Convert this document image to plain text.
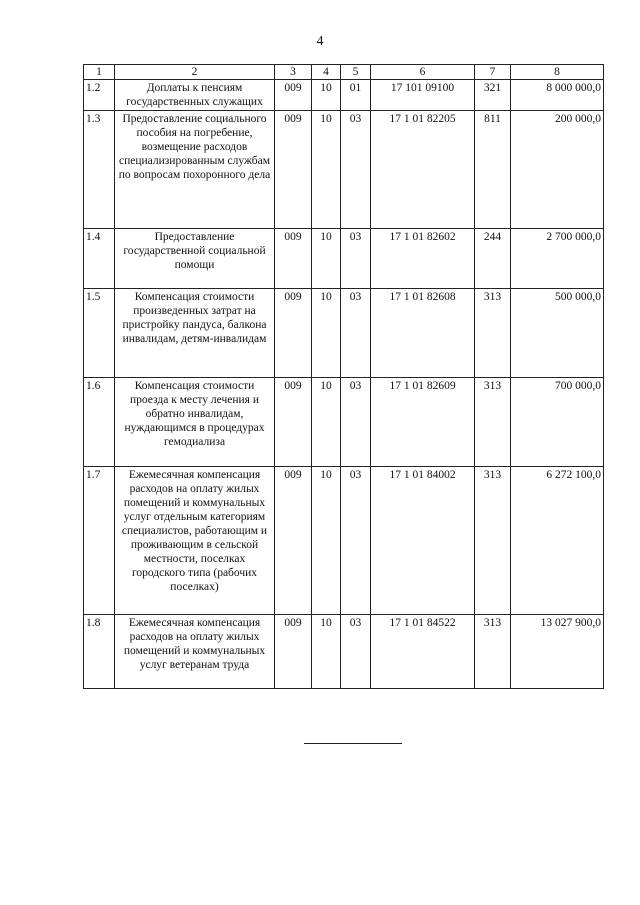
4
1	2	3	4	5	6	7	8
1.2	Доплаты к пенсиям государственных служащих	009	10	01	17 101 09100	321	8 000 000,0
1.3	Предоставление социального пособия на погребение, возмещение расходов специализированным службам по вопросам похоронного дела	009	10	03	17 1 01 82205	811	200 000,0
1.4	Предоставление государственной социальной помощи	009	10	03	17 1 01 82602	244	2 700 000,0
1.5	Компенсация стоимости произведенных затрат на пристройку пандуса, балкона инвалидам, детям-инвалидам	009	10	03	17 1 01 82608	313	500 000,0
1.6	Компенсация стоимости проезда к месту лечения и обратно инвалидам, нуждающимся в процедурах гемодиализа	009	10	03	17 1 01 82609	313	700 000,0
1.7	Ежемесячная компенсация расходов на оплату жилых помещений и коммунальных услуг отдельным категориям специалистов, работающим и проживающим в сельской местности, поселках городского типа (рабочих поселках)	009	10	03	17 1 01 84002	313	6 272 100,0
1.8	Ежемесячная компенсация расходов на оплату жилых помещений и коммунальных услуг ветеранам труда	009	10	03	17 1 01 84522	313	13 027 900,0
